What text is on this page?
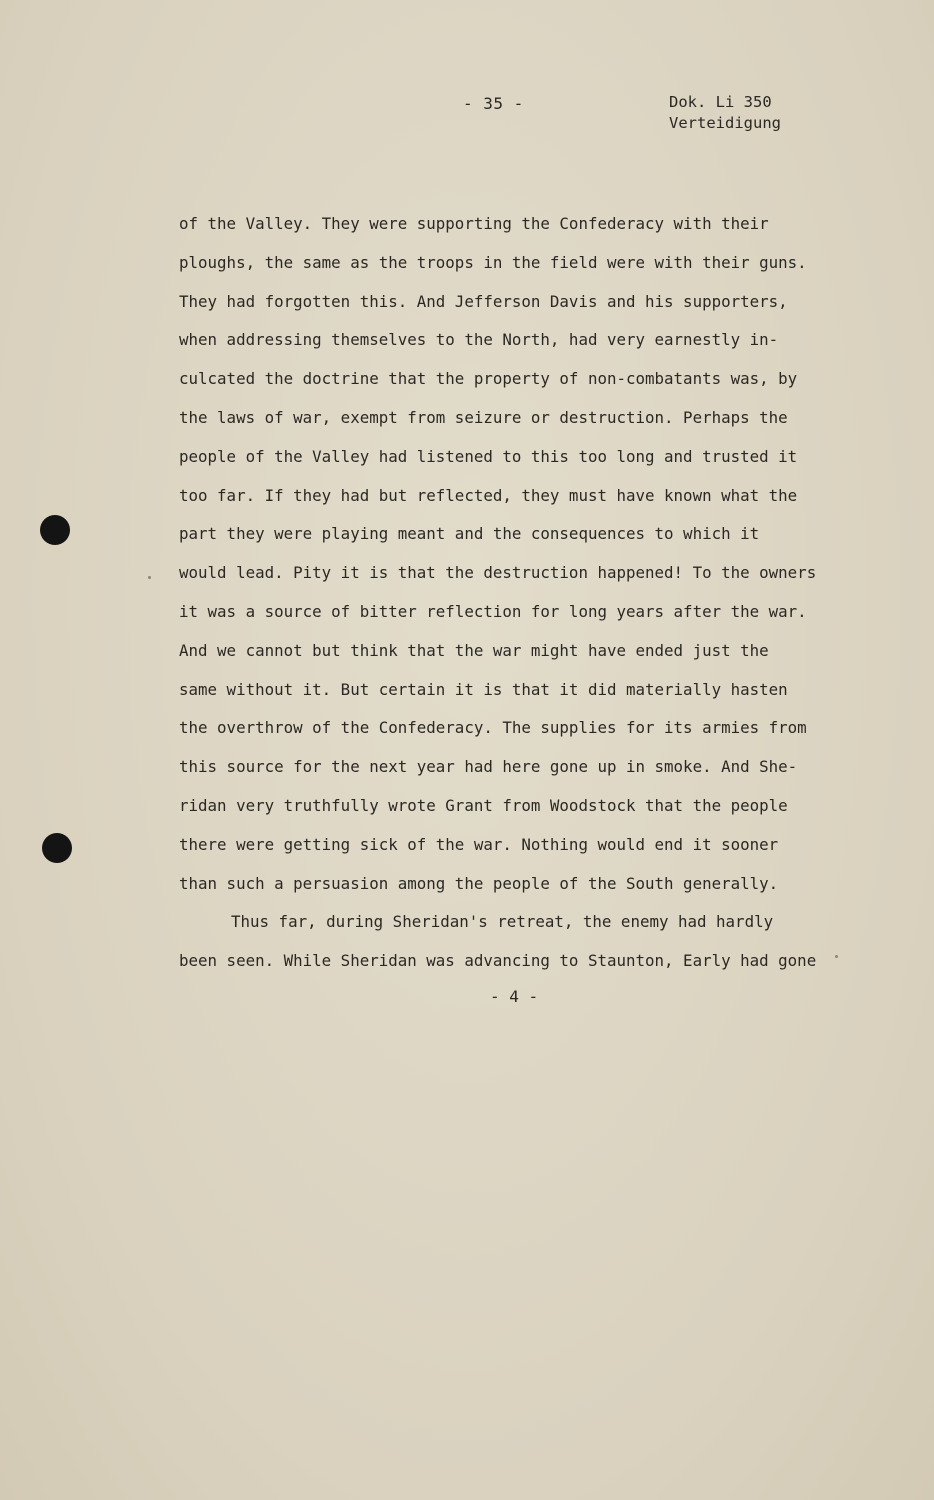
- 35 -	Dok. Li 350
Verteidigung
of the Valley. They were supporting the Confederacy with their
ploughs, the same as the troops in the field were with their guns.
They had forgotten this. And Jefferson Davis and his supporters,
when addressing themselves to the North, had very earnestly in-
culcated the doctrine that the property of non-combatants was, by
the laws of war, exempt from seizure or destruction. Perhaps the
people of the Valley had listened to this too long and trusted it
too far. If they had but reflected, they must have known what the
part they were playing meant and the consequences to which it
would lead. Pity it is that the destruction happened! To the owners
it was a source of bitter reflection for long years after the war.
And we cannot but think that the war might have ended just the
same without it. But certain it is that it did materially hasten
the overthrow of the Confederacy. The supplies for its armies from
this source for the next year had here gone up in smoke. And She-
ridan very truthfully wrote Grant from Woodstock that the people
there were getting sick of the war. Nothing would end it sooner
than such a persuasion among the people of the South generally.
Thus far, during Sheridan's retreat, the enemy had hardly
been seen. While Sheridan was advancing to Staunton, Early had gone
- 4 -
